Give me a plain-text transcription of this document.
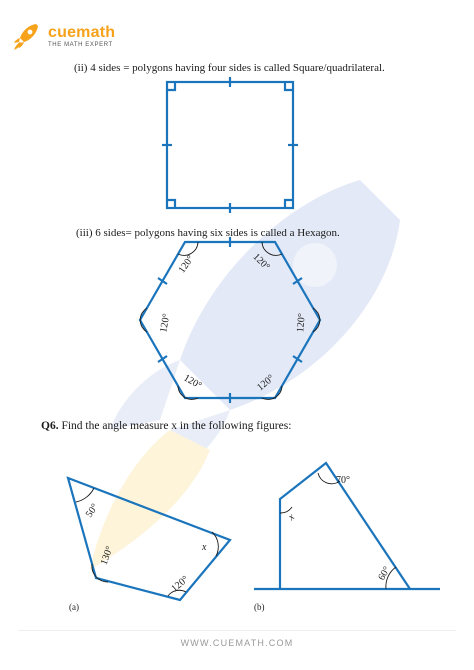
cuemath
THE MATH EXPERT
(ii) 4 sides = polygons having four sides is called Square/quadrilateral.
(iii) 6 sides= polygons having six sides is called a Hexagon.
120°	120°
120°
120°
120°
120°
Q6. Find the angle measure x in the following figures:
50°
130°	x
120°
(a)
70°
x
60°
(b)
WWW.CUEMATH.COM
